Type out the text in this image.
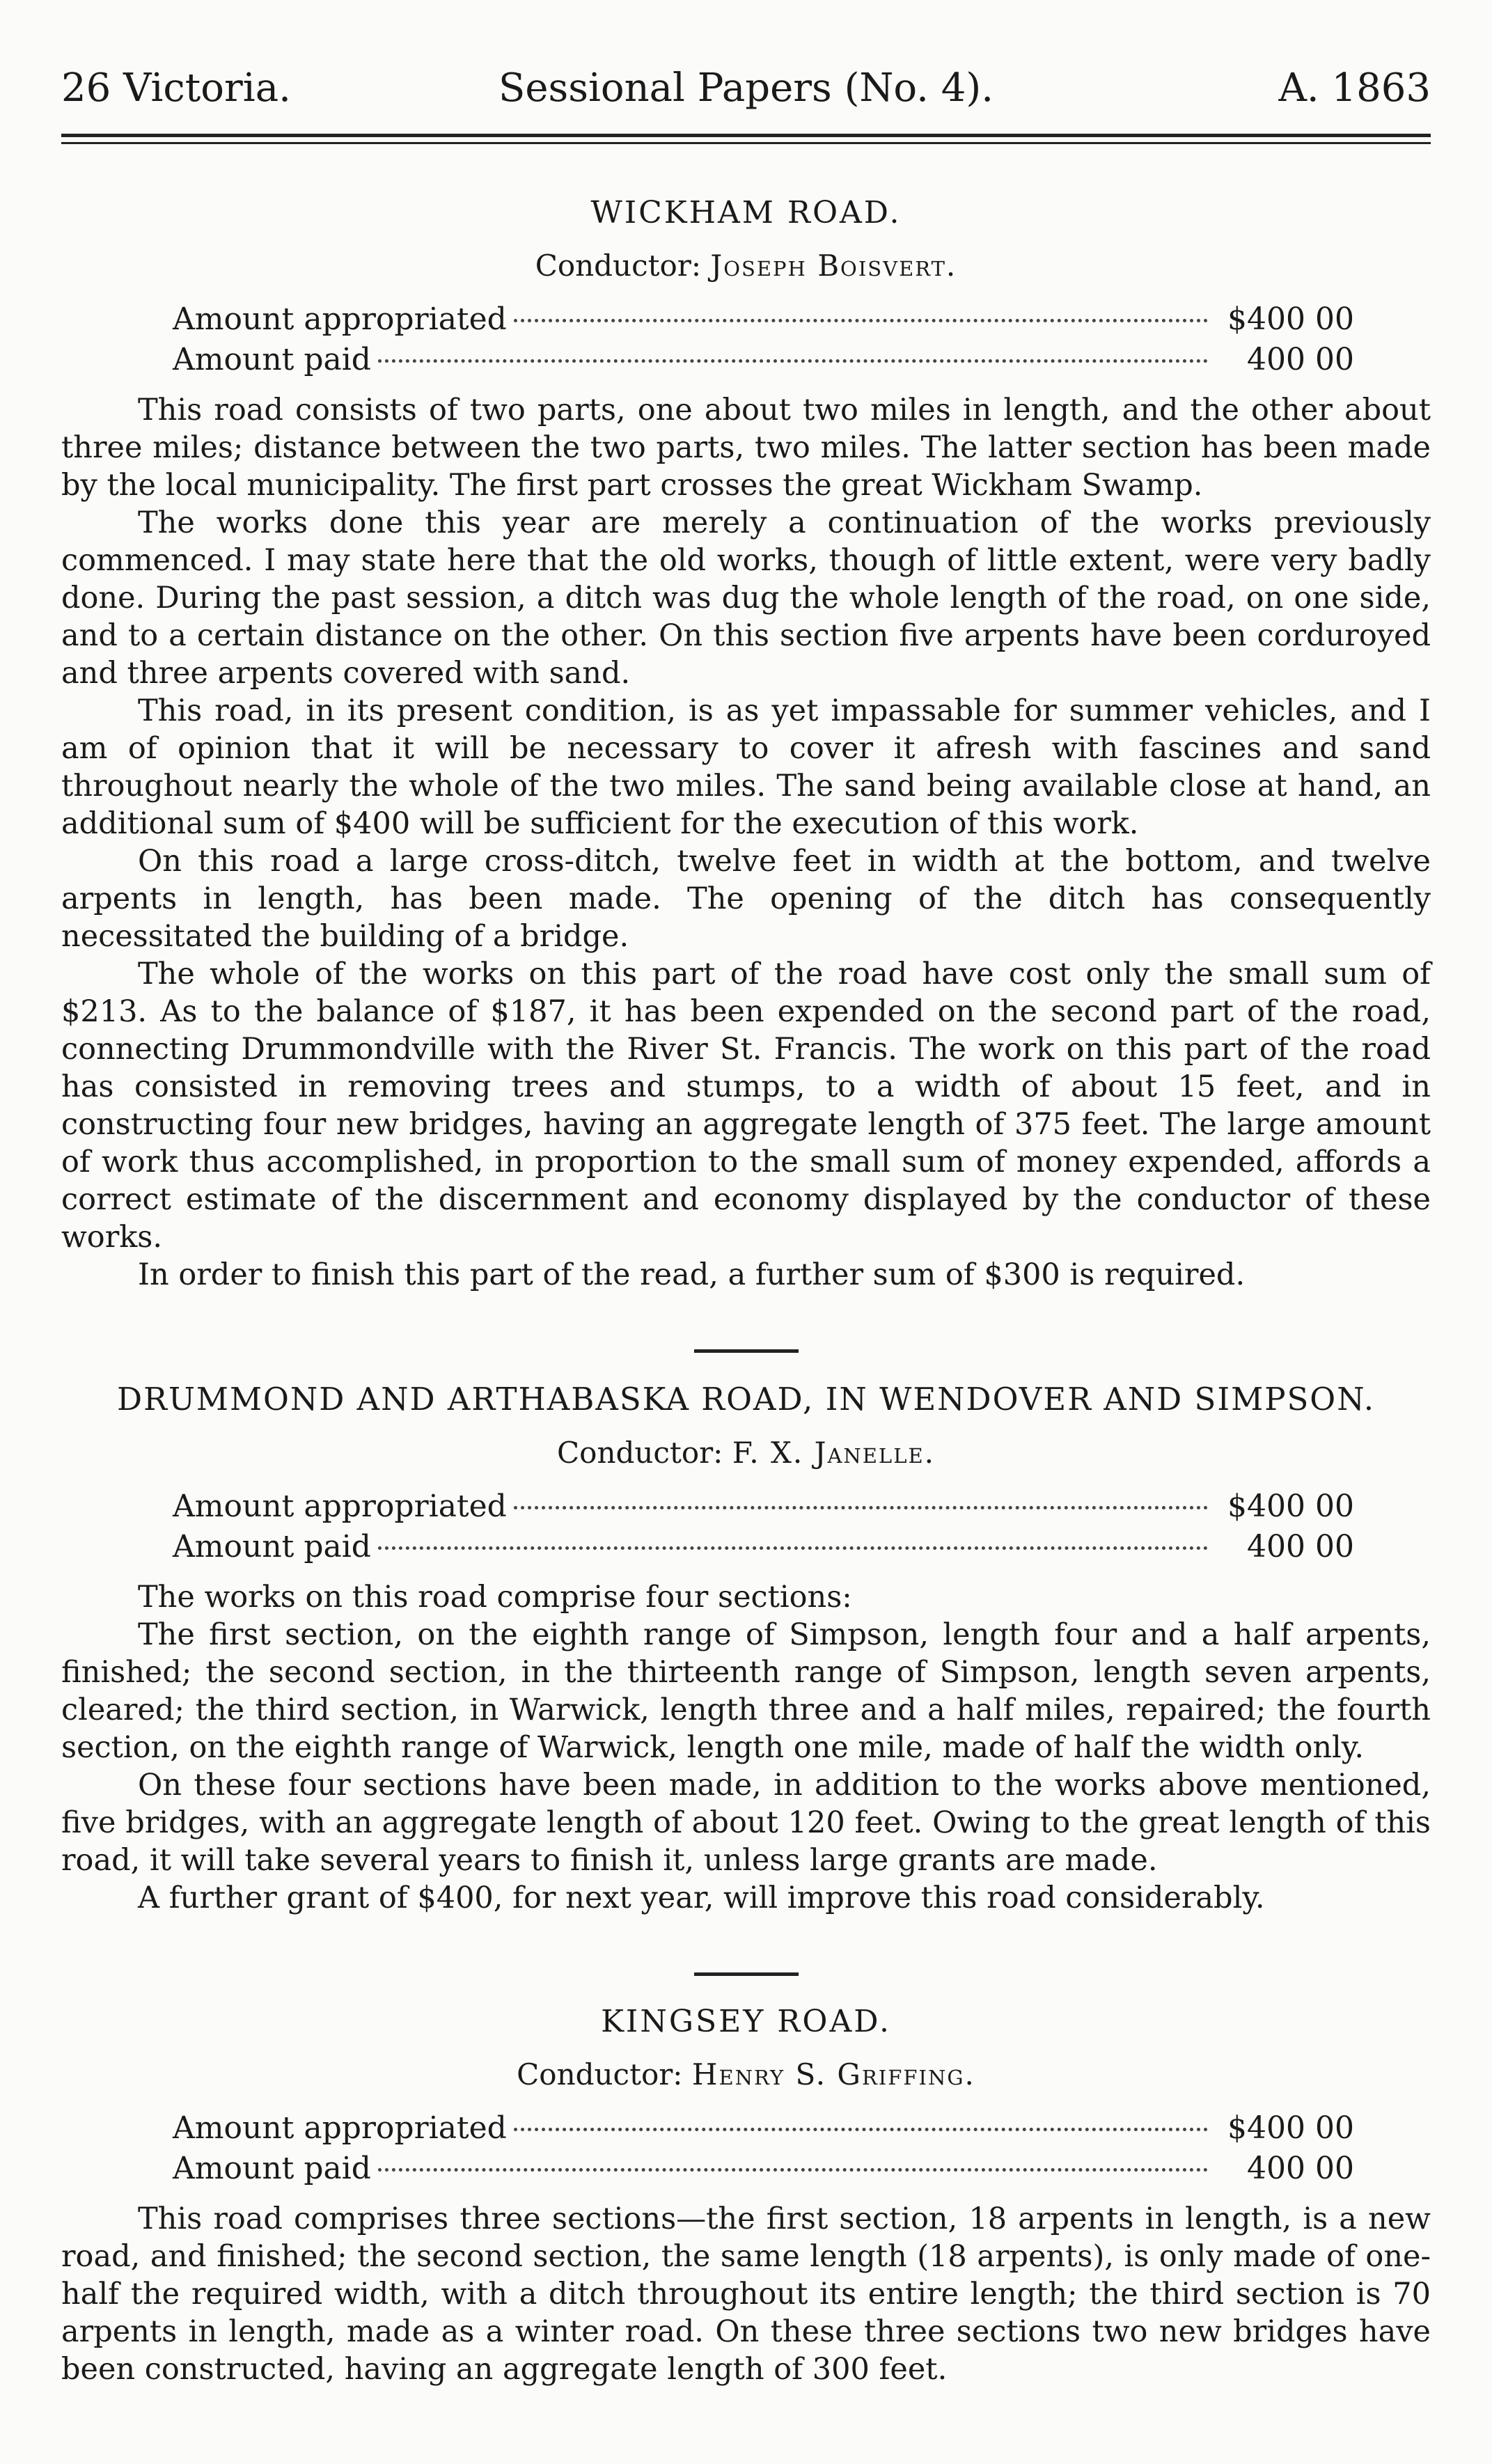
26 Victoria.	Sessional Papers (No. 4).	A. 1863
WICKHAM ROAD.
Conductor: Joseph Boisvert.
Amount appropriated	$400 00
Amount paid	400 00

This road consists of two parts, one about two miles in length, and the other about three miles; distance between the two parts, two miles. The latter section has been made by the local municipality. The first part crosses the great Wickham Swamp.

The works done this year are merely a continuation of the works previously commenced. I may state here that the old works, though of little extent, were very badly done. During the past session, a ditch was dug the whole length of the road, on one side, and to a certain distance on the other. On this section five arpents have been corduroyed and three arpents covered with sand.

This road, in its present condition, is as yet impassable for summer vehicles, and I am of opinion that it will be necessary to cover it afresh with fascines and sand throughout nearly the whole of the two miles. The sand being available close at hand, an additional sum of $400 will be sufficient for the execution of this work.

On this road a large cross-ditch, twelve feet in width at the bottom, and twelve arpents in length, has been made. The opening of the ditch has consequently necessitated the building of a bridge.

The whole of the works on this part of the road have cost only the small sum of $213. As to the balance of $187, it has been expended on the second part of the road, connecting Drummondville with the River St. Francis. The work on this part of the road has consisted in removing trees and stumps, to a width of about 15 feet, and in constructing four new bridges, having an aggregate length of 375 feet. The large amount of work thus accomplished, in proportion to the small sum of money expended, affords a correct estimate of the discernment and economy displayed by the conductor of these works.

In order to finish this part of the read, a further sum of $300 is required.

DRUMMOND AND ARTHABASKA ROAD, IN WENDOVER AND SIMPSON.
Conductor: F. X. Janelle.
Amount appropriated	$400 00
Amount paid	400 00

The works on this road comprise four sections:

The first section, on the eighth range of Simpson, length four and a half arpents, finished; the second section, in the thirteenth range of Simpson, length seven arpents, cleared; the third section, in Warwick, length three and a half miles, repaired; the fourth section, on the eighth range of Warwick, length one mile, made of half the width only.

On these four sections have been made, in addition to the works above mentioned, five bridges, with an aggregate length of about 120 feet. Owing to the great length of this road, it will take several years to finish it, unless large grants are made.

A further grant of $400, for next year, will improve this road considerably.

KINGSEY ROAD.
Conductor: Henry S. Griffing.
Amount appropriated	$400 00
Amount paid	400 00

This road comprises three sections—the first section, 18 arpents in length, is a new road, and finished; the second section, the same length (18 arpents), is only made of one-half the required width, with a ditch throughout its entire length; the third section is 70 arpents in length, made as a winter road. On these three sections two new bridges have been constructed, having an aggregate length of 300 feet.
